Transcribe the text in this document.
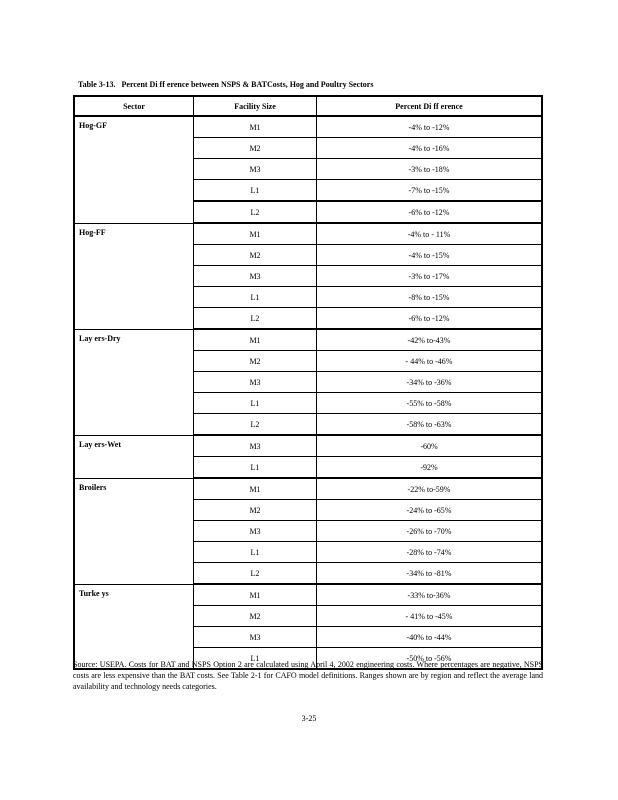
Table 3-13. Percent Di ff erence between NSPS & BATCosts, Hog and Poultry Sectors
Sector	Facility Size	Percent Di ff erence
Hog-GF	M1	-4% to -12%
	M2	-4% to -16%
	M3	-3% to -18%
	L1	-7% to -15%
	L2	-6% to -12%
Hog-FF	M1	-4% to - 11%
	M2	-4% to -15%
	M3	-3% to -17%
	L1	-8% to -15%
	L2	-6% to -12%
Lay ers-Dry	M1	-42% to-43%
	M2	- 44% to -46%
	M3	-34% to -36%
	L1	-55% to -58%
	L2	-58% to -63%
Lay ers-Wet	M3	-60%
	L1	-92%
Broilers	M1	-22% to-59%
	M2	-24% to -65%
	M3	-26% to -70%
	L1	-28% to -74%
	L2	-34% to -81%
Turke ys	M1	-33% to-36%
	M2	- 41% to -45%
	M3	-40% to -44%
	L1	-50% to -56%
Source: USEPA. Costs for BAT and NSPS Option 2 are calculated using April 4, 2002 engineering costs. Where percentages are negative, NSPS costs are less expensive than the BAT costs. See Table 2-1 for CAFO model definitions. Ranges shown are by region and reflect the average land availability and technology needs categories.
3-25
